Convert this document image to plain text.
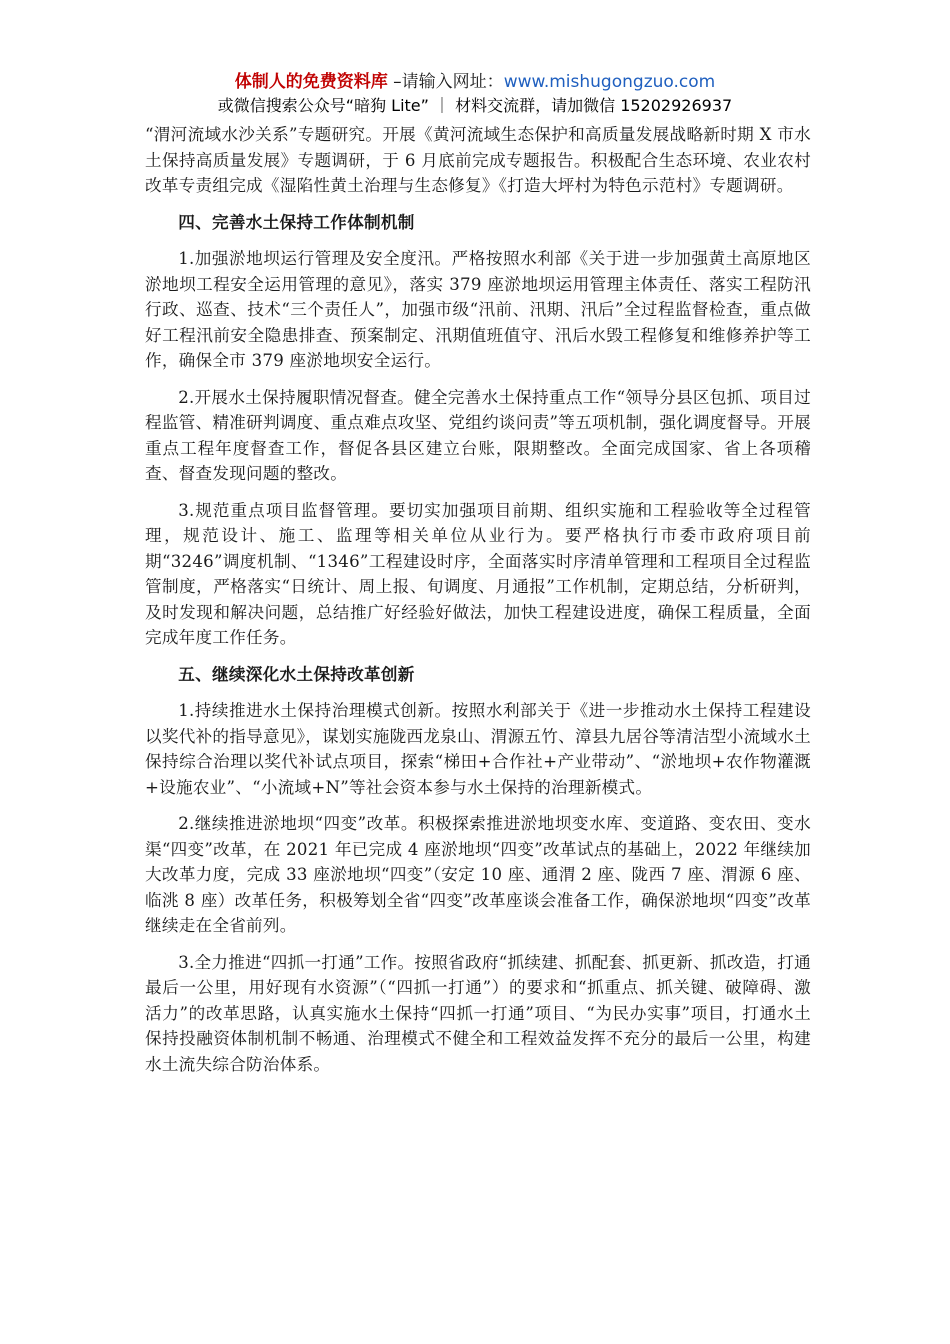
体制人的免费资料库 –请输入网址：www.mishugongzuo.com
或微信搜索公众号“暗狗 Lite” ｜ 材料交流群，请加微信 15202926937

“渭河流域水沙关系”专题研究。开展《黄河流域生态保护和高质量发展战略新时期 X 市水土保持高质量发展》专题调研，于 6 月底前完成专题报告。积极配合生态环境、农业农村改革专责组完成《湿陷性黄土治理与生态修复》《打造大坪村为特色示范村》专题调研。

四、完善水土保持工作体制机制

1.加强淤地坝运行管理及安全度汛。严格按照水利部《关于进一步加强黄土高原地区淤地坝工程安全运用管理的意见》，落实 379 座淤地坝运用管理主体责任、落实工程防汛行政、巡查、技术“三个责任人”，加强市级“汛前、汛期、汛后”全过程监督检查，重点做好工程汛前安全隐患排查、预案制定、汛期值班值守、汛后水毁工程修复和维修养护等工作，确保全市 379 座淤地坝安全运行。

2.开展水土保持履职情况督查。健全完善水土保持重点工作“领导分县区包抓、项目过程监管、精准研判调度、重点难点攻坚、党组约谈问责”等五项机制，强化调度督导。开展重点工程年度督查工作，督促各县区建立台账，限期整改。全面完成国家、省上各项稽查、督查发现问题的整改。

3.规范重点项目监督管理。要切实加强项目前期、组织实施和工程验收等全过程管理，规范设计、施工、监理等相关单位从业行为。要严格执行市委市政府项目前期“3246”调度机制、“1346”工程建设时序，全面落实时序清单管理和工程项目全过程监管制度，严格落实“日统计、周上报、旬调度、月通报”工作机制，定期总结，分析研判，及时发现和解决问题，总结推广好经验好做法，加快工程建设进度，确保工程质量，全面完成年度工作任务。

五、继续深化水土保持改革创新

1.持续推进水土保持治理模式创新。按照水利部关于《进一步推动水土保持工程建设以奖代补的指导意见》，谋划实施陇西龙泉山、渭源五竹、漳县九居谷等清洁型小流域水土保持综合治理以奖代补试点项目，探索“梯田+合作社+产业带动”、“淤地坝+农作物灌溉+设施农业”、“小流域+N”等社会资本参与水土保持的治理新模式。

2.继续推进淤地坝“四变”改革。积极探索推进淤地坝变水库、变道路、变农田、变水渠“四变”改革，在 2021 年已完成 4 座淤地坝“四变”改革试点的基础上，2022 年继续加大改革力度，完成 33 座淤地坝“四变”（安定 10 座、通渭 2 座、陇西 7 座、渭源 6 座、临洮 8 座）改革任务，积极筹划全省“四变”改革座谈会准备工作，确保淤地坝“四变”改革继续走在全省前列。

3.全力推进“四抓一打通”工作。按照省政府“抓续建、抓配套、抓更新、抓改造，打通最后一公里，用好现有水资源”（“四抓一打通”）的要求和“抓重点、抓关键、破障碍、激活力”的改革思路，认真实施水土保持“四抓一打通”项目、“为民办实事”项目，打通水土保持投融资体制机制不畅通、治理模式不健全和工程效益发挥不充分的最后一公里，构建水土流失综合防治体系。
